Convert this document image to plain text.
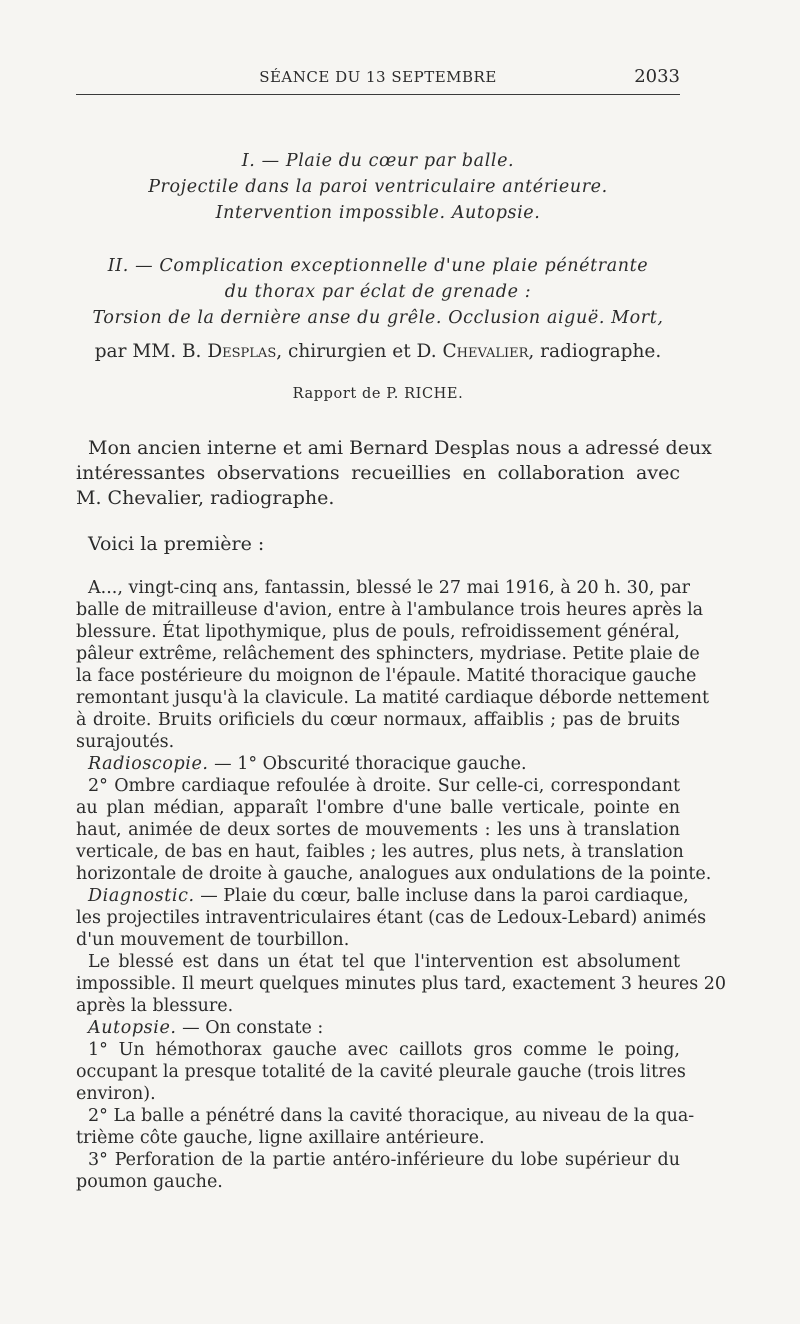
SÉANCE DU 13 SEPTEMBRE	2033
I. — Plaie du cœur par balle.
Projectile dans la paroi ventriculaire antérieure.
Intervention impossible. Autopsie.
II. — Complication exceptionnelle d'une plaie pénétrante
du thorax par éclat de grenade :
Torsion de la dernière anse du grêle. Occlusion aiguë. Mort,
par MM. B. Desplas, chirurgien et D. Chevalier, radiographe.
Rapport de P. RICHE.
Mon ancien interne et ami Bernard Desplas nous a adressé deux
intéressantes observations recueillies en collaboration avec
M. Chevalier, radiographe.
Voici la première :
A..., vingt-cinq ans, fantassin, blessé le 27 mai 1916, à 20 h. 30, par
balle de mitrailleuse d'avion, entre à l'ambulance trois heures après la
blessure. État lipothymique, plus de pouls, refroidissement général,
pâleur extrême, relâchement des sphincters, mydriase. Petite plaie de
la face postérieure du moignon de l'épaule. Matité thoracique gauche
remontant jusqu'à la clavicule. La matité cardiaque déborde nettement
à droite. Bruits orificiels du cœur normaux, affaiblis ; pas de bruits
surajoutés.
Radioscopie. — 1° Obscurité thoracique gauche.
2° Ombre cardiaque refoulée à droite. Sur celle-ci, correspondant
au plan médian, apparaît l'ombre d'une balle verticale, pointe en
haut, animée de deux sortes de mouvements : les uns à translation
verticale, de bas en haut, faibles ; les autres, plus nets, à translation
horizontale de droite à gauche, analogues aux ondulations de la pointe.
Diagnostic. — Plaie du cœur, balle incluse dans la paroi cardiaque,
les projectiles intraventriculaires étant (cas de Ledoux-Lebard) animés
d'un mouvement de tourbillon.
Le blessé est dans un état tel que l'intervention est absolument
impossible. Il meurt quelques minutes plus tard, exactement 3 heures 20
après la blessure.
Autopsie. — On constate :
1° Un hémothorax gauche avec caillots gros comme le poing,
occupant la presque totalité de la cavité pleurale gauche (trois litres
environ).
2° La balle a pénétré dans la cavité thoracique, au niveau de la qua-
trième côte gauche, ligne axillaire antérieure.
3° Perforation de la partie antéro-inférieure du lobe supérieur du
poumon gauche.
